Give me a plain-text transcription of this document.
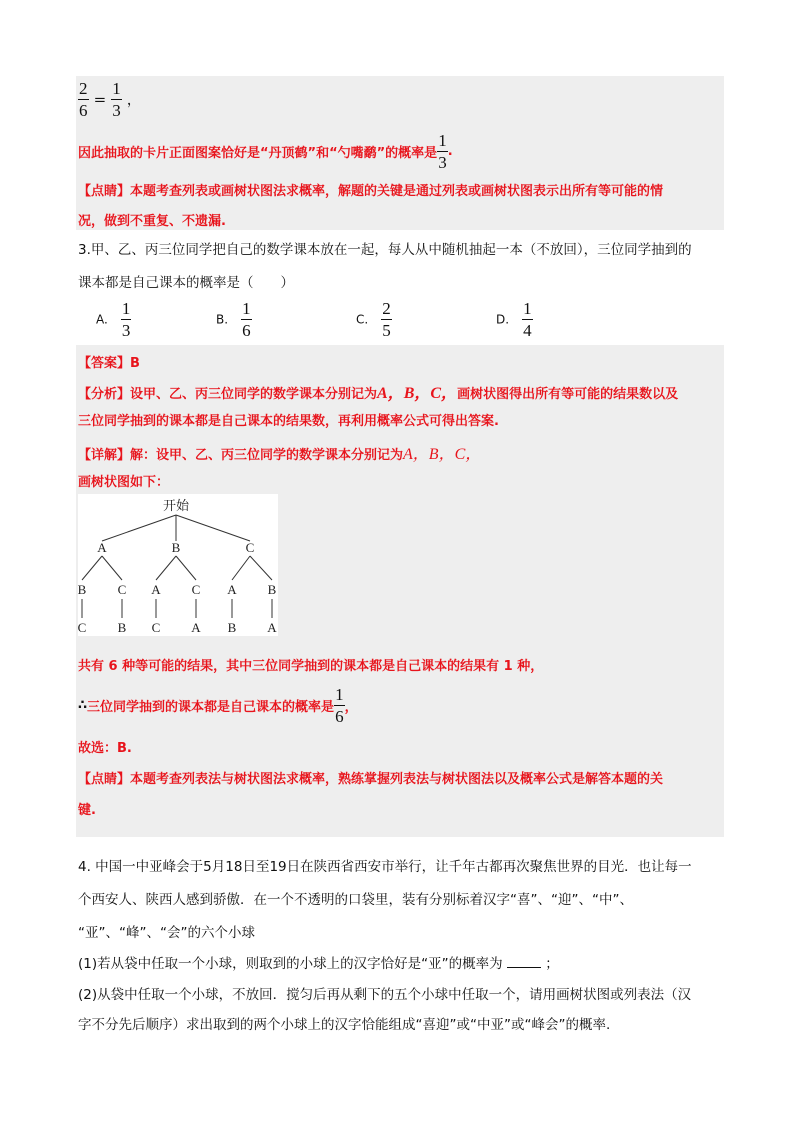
$\frac{2}{6} = \frac{1}{3}$ ，
因此抽取的卡片正面图案恰好是“丹顶鹤”和“勺嘴鹬”的概率是 $\frac{1}{3}$ .
【点睛】本题考查列表或画树状图法求概率，解题的关键是通过列表或画树状图表示出所有等可能的情
况，做到不重复、不遗漏.
3.甲、乙、丙三位同学把自己的数学课本放在一起，每人从中随机抽起一本（不放回），三位同学抽到的
课本都是自己课本的概率是（　　）
A. $\frac{1}{3}$	B. $\frac{1}{6}$	C. $\frac{2}{5}$	D. $\frac{1}{4}$
【答案】B
【分析】设甲、乙、丙三位同学的数学课本分别记为A，B，C，画树状图得出所有等可能的结果数以及
三位同学抽到的课本都是自己课本的结果数，再利用概率公式可得出答案.
【详解】解：设甲、乙、丙三位同学的数学课本分别记为A，B，C，
画树状图如下：
开始
A	B	C
B C A C A B
C B C A B A
共有 6 种等可能的结果，其中三位同学抽到的课本都是自己课本的结果有 1 种，
∴三位同学抽到的课本都是自己课本的概率是 $\frac{1}{6}$ ，
故选：B.
【点睛】本题考查列表法与树状图法求概率，熟练掌握列表法与树状图法以及概率公式是解答本题的关
键.
4. 中国一中亚峰会于5月18日至19日在陕西省西安市举行，让千年古都再次聚焦世界的目光．也让每一
个西安人、陕西人感到骄傲．在一个不透明的口袋里，装有分别标着汉字“喜”、“迎”、“中”、
“亚”、“峰”、“会”的六个小球
(1)若从袋中任取一个小球，则取到的小球上的汉字恰好是“亚”的概率为	；
(2)从袋中任取一个小球，不放回．搅匀后再从剩下的五个小球中任取一个，请用画树状图或列表法（汉
字不分先后顺序）求出取到的两个小球上的汉字恰能组成“喜迎”或“中亚”或“峰会”的概率.
